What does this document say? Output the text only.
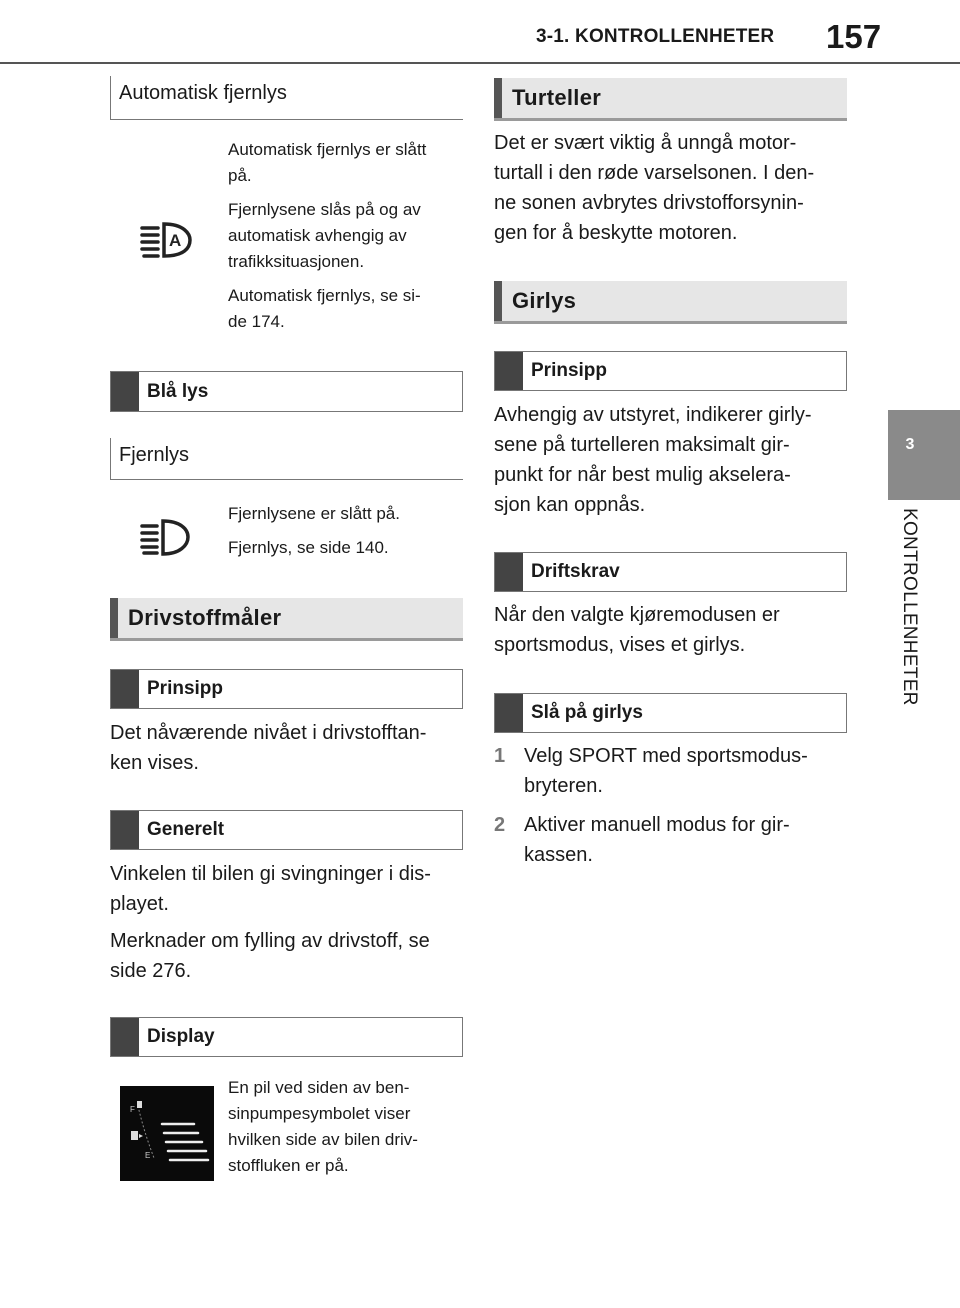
3-1. KONTROLLENHETER 157
3
KONTROLLENHETER
Automatisk fjernlys
A
Automatisk fjernlys er slått
på.
Fjernlysene slås på og av
automatisk avhengig av
trafikksituasjonen.
Automatisk fjernlys, se si-
de 174.
Blå lys
Fjernlys
Fjernlysene er slått på.
Fjernlys, se side 140.
Drivstoffmåler
Prinsipp
Det nåværende nivået i drivstofftan-
ken vises.
Generelt
Vinkelen til bilen gi svingninger i dis-
playet.
Merknader om fylling av drivstoff, se
side 276.
Display
F
E
En pil ved siden av ben-
sinpumpesymbolet viser
hvilken side av bilen driv-
stoffluken er på.
Turteller
Det er svært viktig å unngå motor-
turtall i den røde varselsonen. I den-
ne sonen avbrytes drivstofforsynin-
gen for å beskytte motoren.
Girlys
Prinsipp
Avhengig av utstyret, indikerer girly-
sene på turtelleren maksimalt gir-
punkt for når best mulig akselera-
sjon kan oppnås.
Driftskrav
Når den valgte kjøremodusen er
sportsmodus, vises et girlys.
Slå på girlys
1 Velg SPORT med sportsmodus-
bryteren.
2 Aktiver manuell modus for gir-
kassen.
